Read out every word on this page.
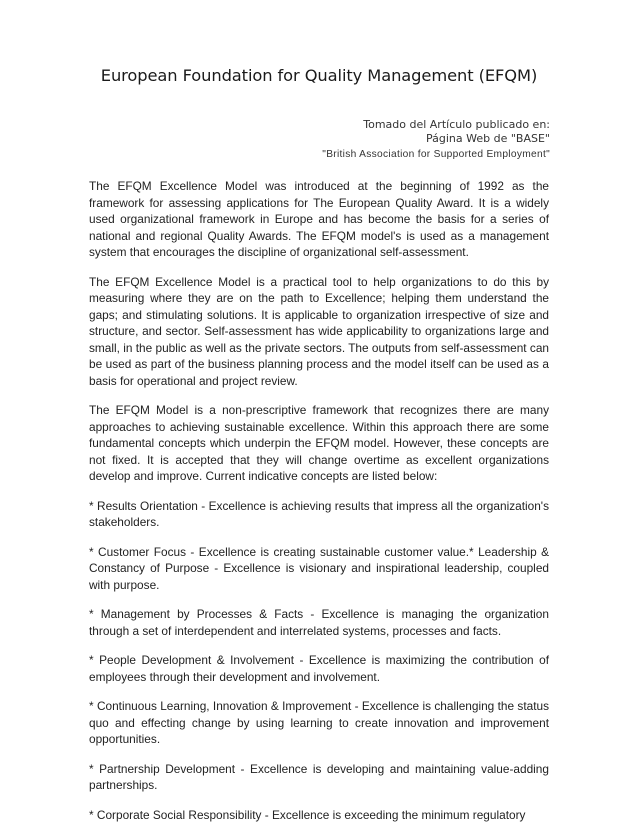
European Foundation for Quality Management (EFQM)
Tomado del Artículo publicado en:
Página Web de "BASE"
"British Association for Supported Employment"

The EFQM Excellence Model was introduced at the beginning of 1992 as the framework for assessing applications for The European Quality Award. It is a widely used organizational framework in Europe and has become the basis for a series of national and regional Quality Awards. The EFQM model's is used as a management system that encourages the discipline of organizational self-assessment.

The EFQM Excellence Model is a practical tool to help organizations to do this by measuring where they are on the path to Excellence; helping them understand the gaps; and stimulating solutions. It is applicable to organization irrespective of size and structure, and sector. Self-assessment has wide applicability to organizations large and small, in the public as well as the private sectors. The outputs from self-assessment can be used as part of the business planning process and the model itself can be used as a basis for operational and project review.

The EFQM Model is a non-prescriptive framework that recognizes there are many approaches to achieving sustainable excellence. Within this approach there are some fundamental concepts which underpin the EFQM model. However, these concepts are not fixed. It is accepted that they will change overtime as excellent organizations develop and improve. Current indicative concepts are listed below:

* Results Orientation - Excellence is achieving results that impress all the organization's stakeholders.

* Customer Focus - Excellence is creating sustainable customer value.* Leadership & Constancy of Purpose - Excellence is visionary and inspirational leadership, coupled with purpose.

* Management by Processes & Facts - Excellence is managing the organization through a set of interdependent and interrelated systems, processes and facts.

* People Development & Involvement - Excellence is maximizing the contribution of employees through their development and involvement.

* Continuous Learning, Innovation & Improvement - Excellence is challenging the status quo and effecting change by using learning to create innovation and improvement opportunities.

* Partnership Development - Excellence is developing and maintaining value-adding partnerships.

* Corporate Social Responsibility - Excellence is exceeding the minimum regulatory
